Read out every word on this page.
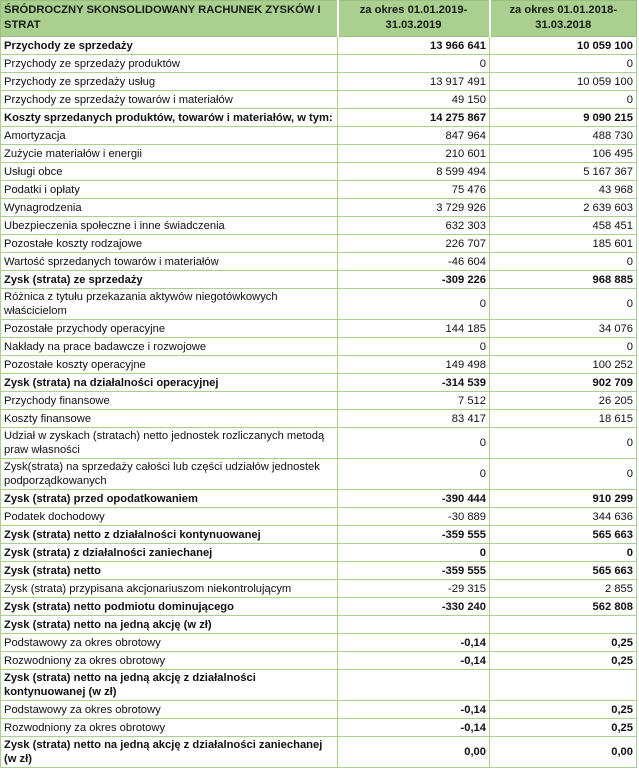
ŚRÓDROCZNY SKONSOLIDOWANY RACHUNEK ZYSKÓW I STRAT	za okres 01.01.2019-31.03.2019	za okres 01.01.2018-31.03.2018
Przychody ze sprzedaży	13 966 641	10 059 100
Przychody ze sprzedaży produktów	0	0
Przychody ze sprzedaży usług	13 917 491	10 059 100
Przychody ze sprzedaży towarów i materiałów	49 150	0
Koszty sprzedanych produktów, towarów i materiałów, w tym:	14 275 867	9 090 215
Amortyzacja	847 964	488 730
Zużycie materiałów i energii	210 601	106 495
Usługi obce	8 599 494	5 167 367
Podatki i opłaty	75 476	43 968
Wynagrodzenia	3 729 926	2 639 603
Ubezpieczenia społeczne i inne świadczenia	632 303	458 451
Pozostałe koszty rodzajowe	226 707	185 601
Wartość sprzedanych towarów i materiałów	-46 604	0
Zysk (strata) ze sprzedaży	-309 226	968 885
Różnica z tytułu przekazania aktywów niegotówkowych właścicielom	0	0
Pozostałe przychody operacyjne	144 185	34 076
Nakłady na prace badawcze i rozwojowe	0	0
Pozostałe koszty operacyjne	149 498	100 252
Zysk (strata) na działalności operacyjnej	-314 539	902 709
Przychody finansowe	7 512	26 205
Koszty finansowe	83 417	18 615
Udział w zyskach (stratach) netto jednostek rozliczanych metodą praw własności	0	0
Zysk(strata) na sprzedaży całości lub części udziałów jednostek podporządkowanych	0	0
Zysk (strata) przed opodatkowaniem	-390 444	910 299
Podatek dochodowy	-30 889	344 636
Zysk (strata) netto z działalności kontynuowanej	-359 555	565 663
Zysk (strata) z działalności zaniechanej	0	0
Zysk (strata) netto	-359 555	565 663
Zysk (strata) przypisana akcjonariuszom niekontrolującym	-29 315	2 855
Zysk (strata) netto podmiotu dominującego	-330 240	562 808
Zysk (strata) netto na jedną akcję (w zł)		
Podstawowy za okres obrotowy	-0,14	0,25
Rozwodniony za okres obrotowy	-0,14	0,25
Zysk (strata) netto na jedną akcję z działalności kontynuowanej (w zł)		
Podstawowy za okres obrotowy	-0,14	0,25
Rozwodniony za okres obrotowy	-0,14	0,25
Zysk (strata) netto na jedną akcję z działalności zaniechanej (w zł)	0,00	0,00
